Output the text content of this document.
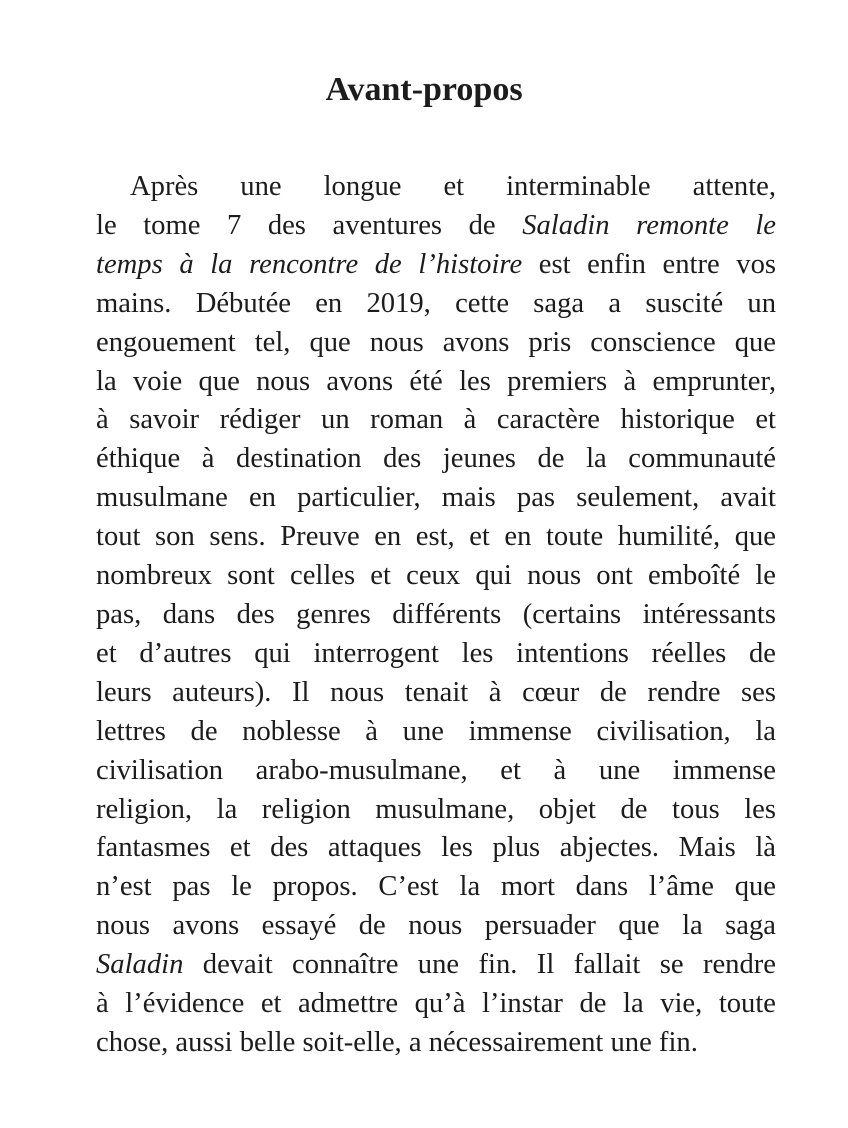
Avant-propos
Après une longue et interminable attente,
le tome 7 des aventures de Saladin remonte le
temps à la rencontre de l’histoire est enfin entre vos
mains. Débutée en 2019, cette saga a suscité un
engouement tel, que nous avons pris conscience que
la voie que nous avons été les premiers à emprunter,
à savoir rédiger un roman à caractère historique et
éthique à destination des jeunes de la communauté
musulmane en particulier, mais pas seulement, avait
tout son sens. Preuve en est, et en toute humilité, que
nombreux sont celles et ceux qui nous ont emboîté le
pas, dans des genres différents (certains intéressants
et d’autres qui interrogent les intentions réelles de
leurs auteurs). Il nous tenait à cœur de rendre ses
lettres de noblesse à une immense civilisation, la
civilisation arabo-musulmane, et à une immense
religion, la religion musulmane, objet de tous les
fantasmes et des attaques les plus abjectes. Mais là
n’est pas le propos. C’est la mort dans l’âme que
nous avons essayé de nous persuader que la saga
Saladin devait connaître une fin. Il fallait se rendre
à l’évidence et admettre qu’à l’instar de la vie, toute
chose, aussi belle soit-elle, a nécessairement une fin.
